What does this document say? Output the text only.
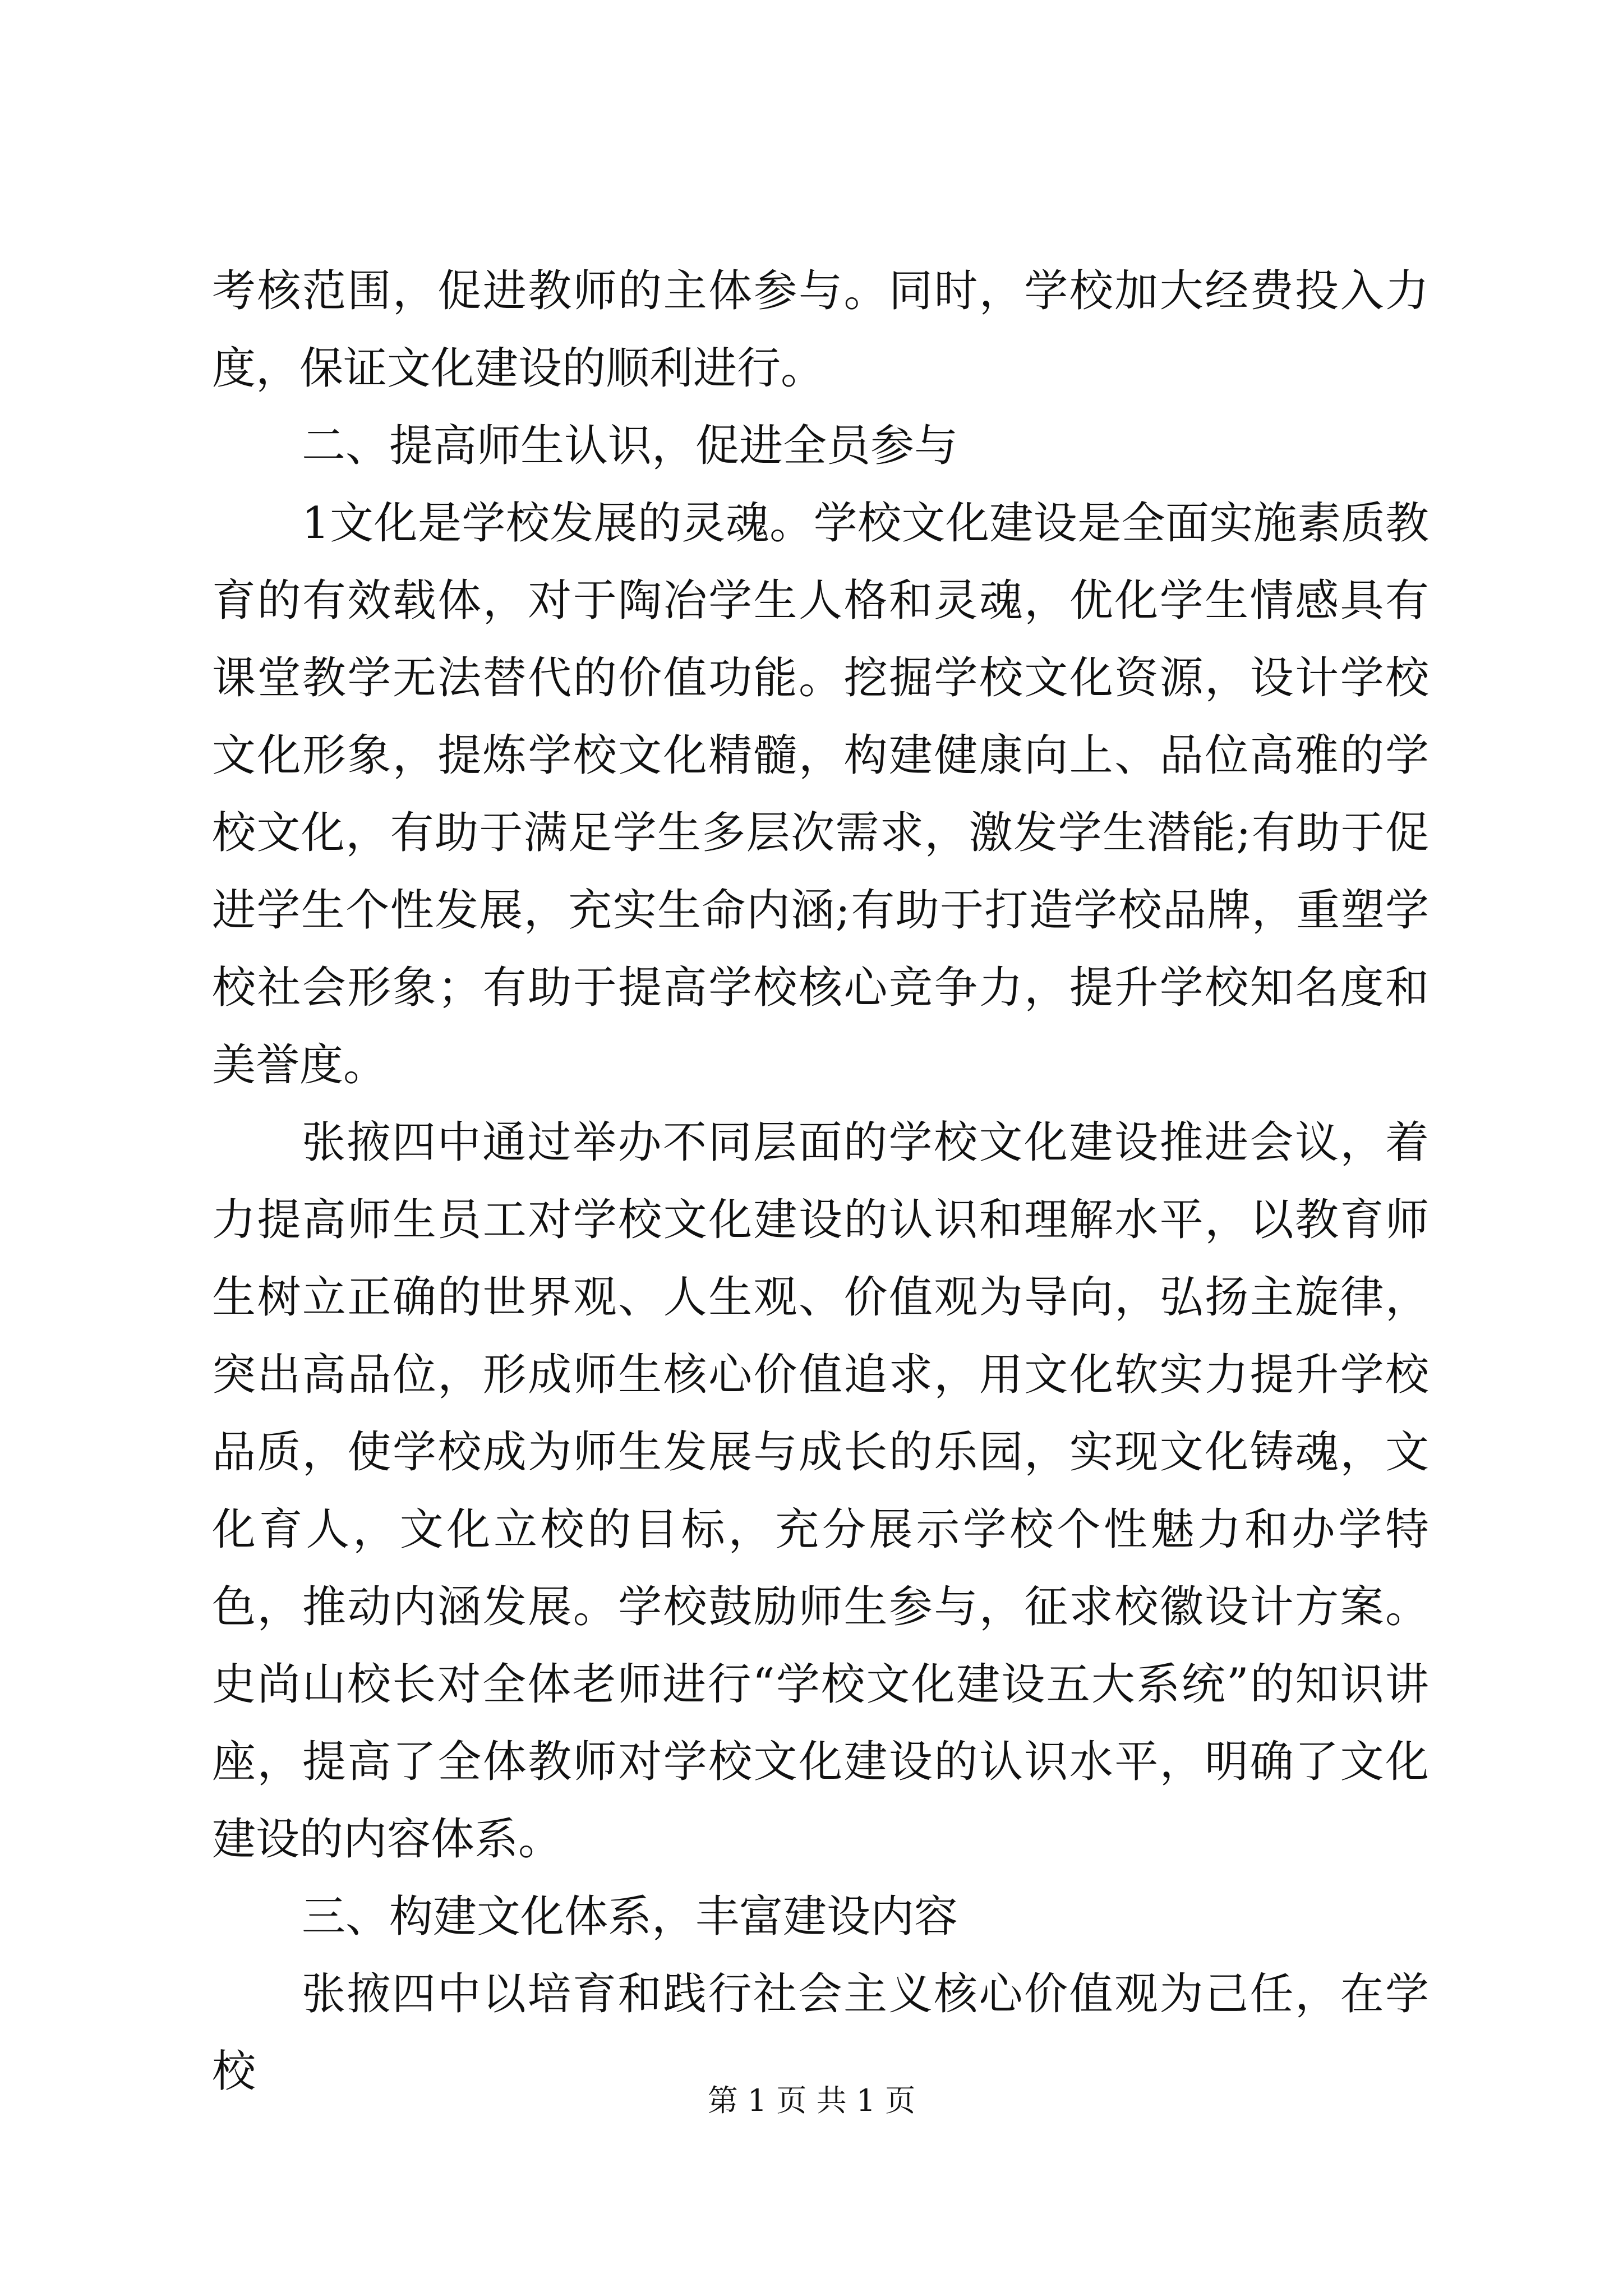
考核范围，促进教师的主体参与。同时，学校加大经费投入力度，保证文化建设的顺利进行。

二、提高师生认识，促进全员参与

1文化是学校发展的灵魂。学校文化建设是全面实施素质教育的有效载体，对于陶冶学生人格和灵魂，优化学生情感具有课堂教学无法替代的价值功能。挖掘学校文化资源，设计学校文化形象，提炼学校文化精髓，构建健康向上、品位高雅的学校文化，有助于满足学生多层次需求，激发学生潜能;有助于促进学生个性发展，充实生命内涵;有助于打造学校品牌，重塑学校社会形象；有助于提高学校核心竞争力，提升学校知名度和美誉度。

张掖四中通过举办不同层面的学校文化建设推进会议，着力提高师生员工对学校文化建设的认识和理解水平，以教育师生树立正确的世界观、人生观、价值观为导向，弘扬主旋律，突出高品位，形成师生核心价值追求，用文化软实力提升学校品质，使学校成为师生发展与成长的乐园，实现文化铸魂，文化育人，文化立校的目标，充分展示学校个性魅力和办学特色，推动内涵发展。学校鼓励师生参与，征求校徽设计方案。史尚山校长对全体老师进行“学校文化建设五大系统”的知识讲座，提高了全体教师对学校文化建设的认识水平，明确了文化建设的内容体系。

三、构建文化体系，丰富建设内容

张掖四中以培育和践行社会主义核心价值观为己任，在学校

第 1 页 共 1 页
